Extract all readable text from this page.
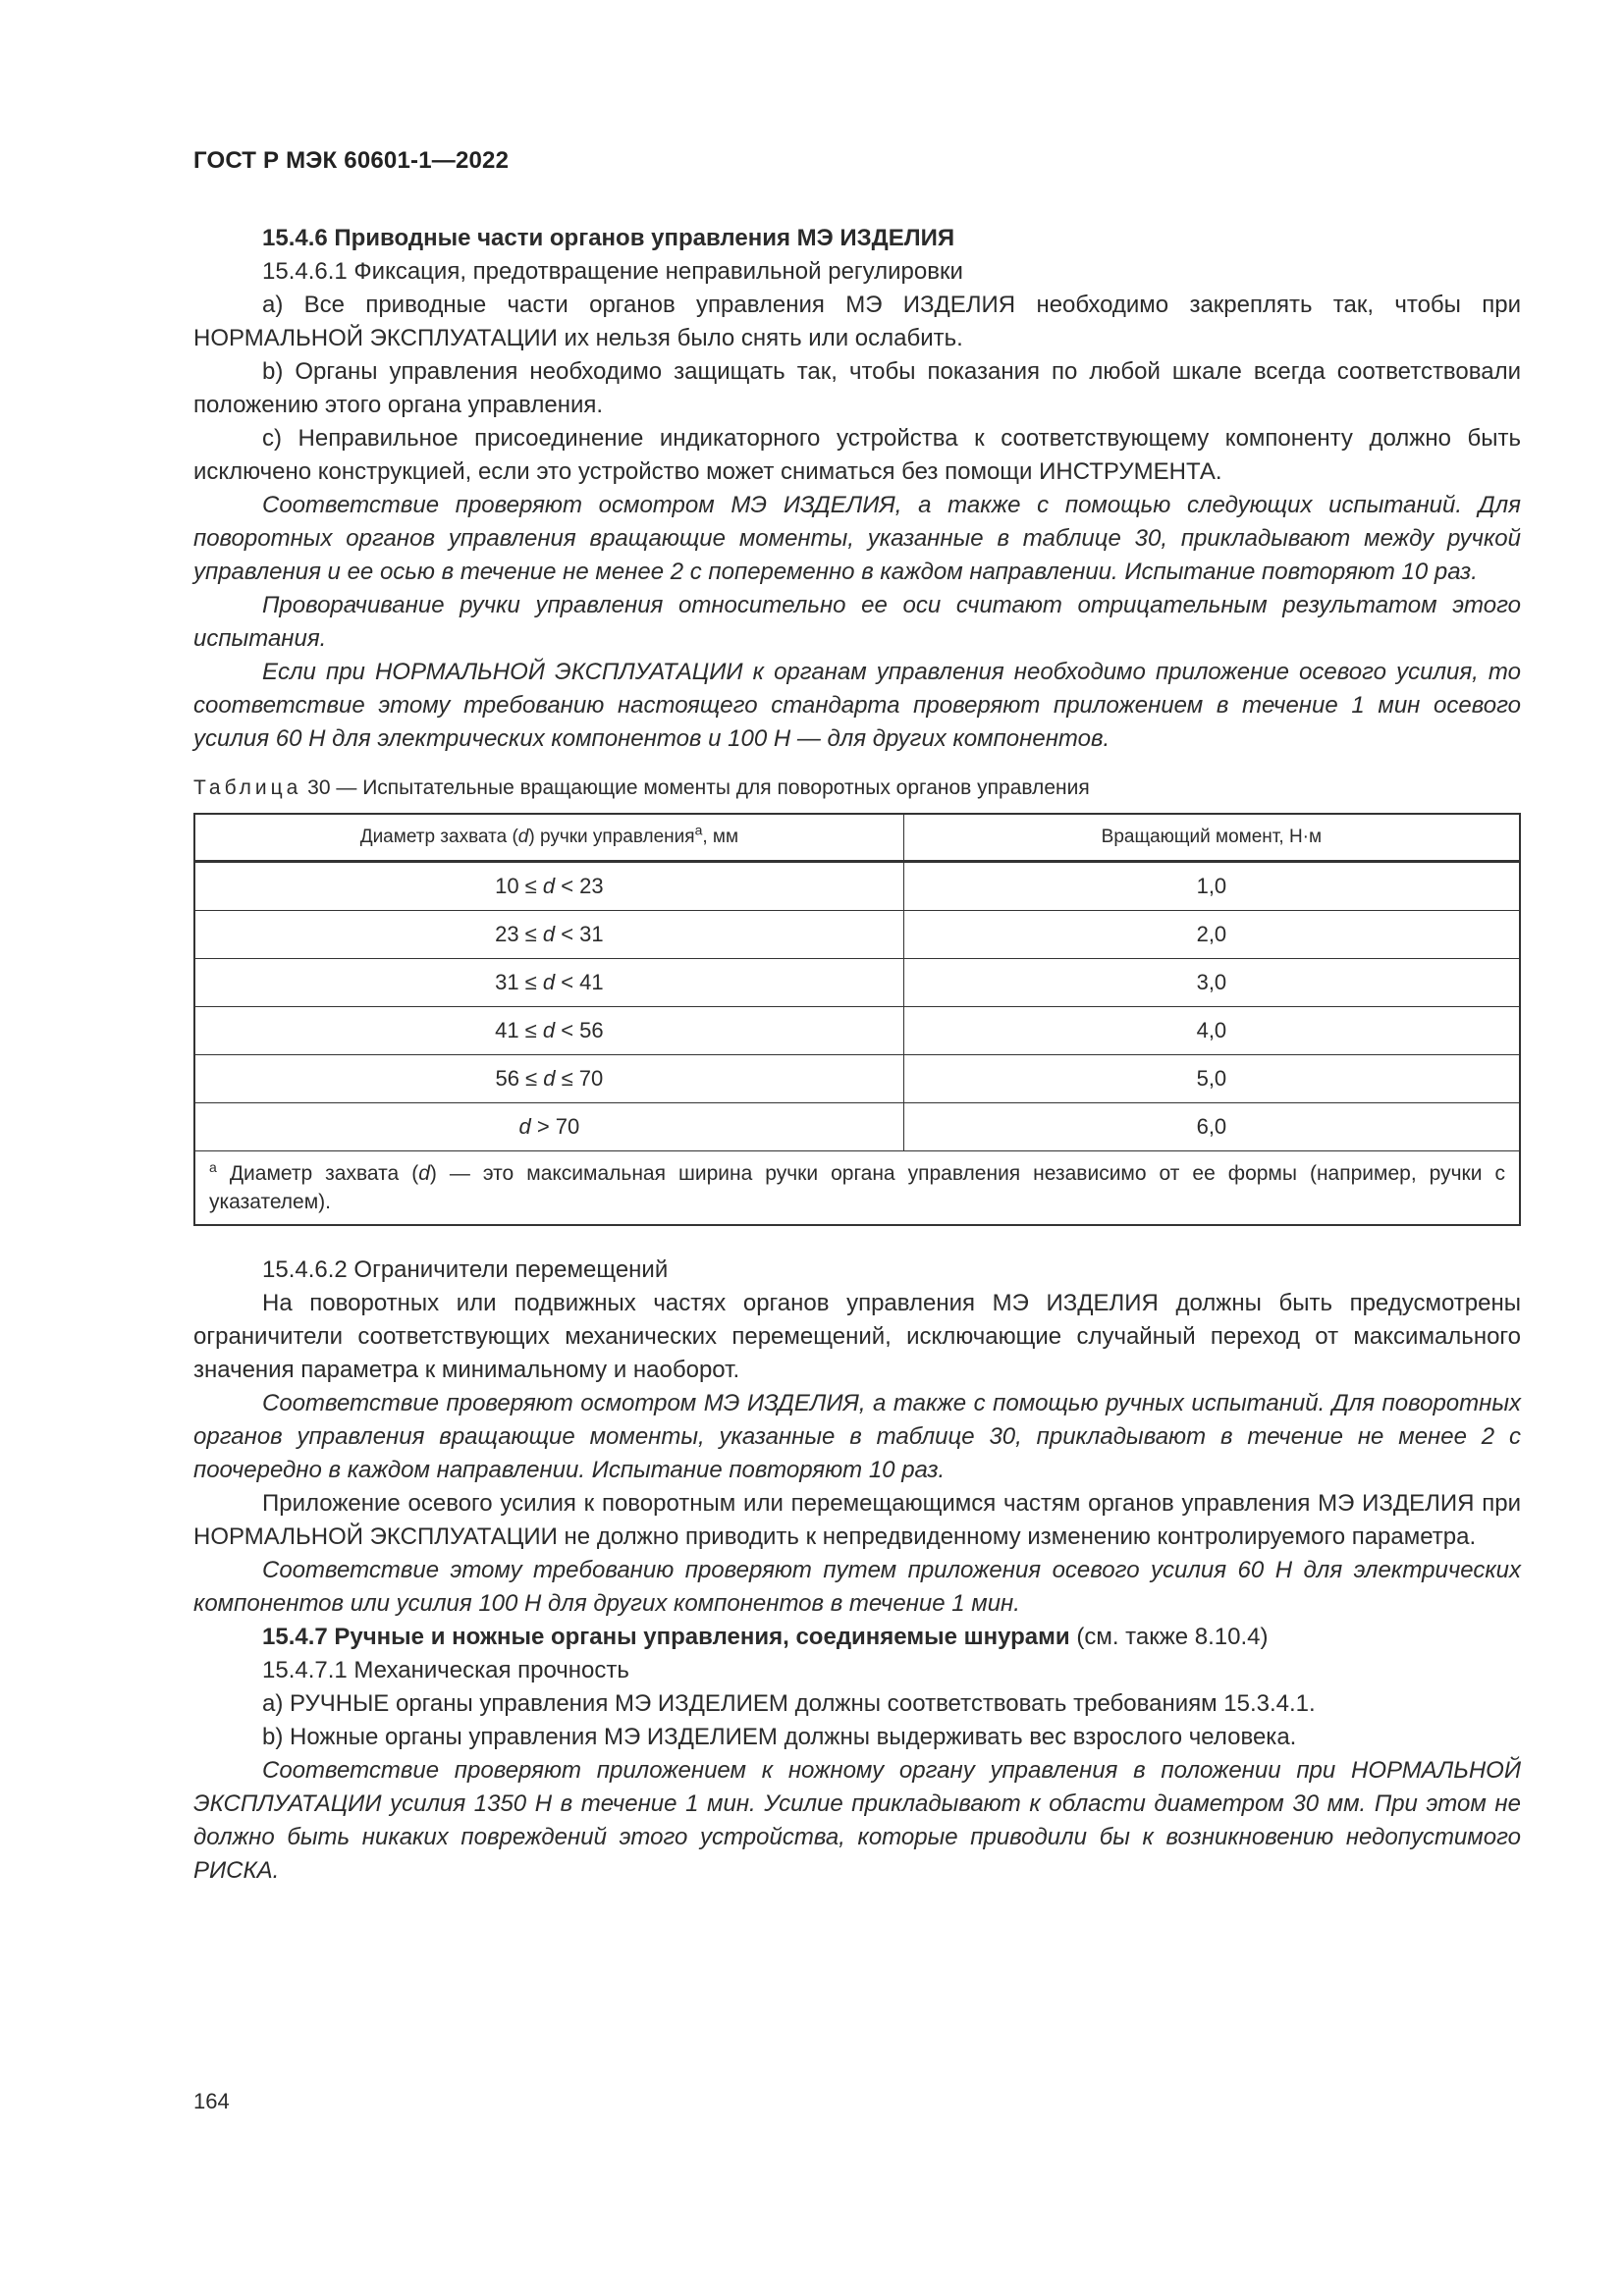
ГОСТ Р МЭК 60601-1—2022

15.4.6 Приводные части органов управления МЭ ИЗДЕЛИЯ

15.4.6.1 Фиксация, предотвращение неправильной регулировки

a) Все приводные части органов управления МЭ ИЗДЕЛИЯ необходимо закреплять так, чтобы при НОРМАЛЬНОЙ ЭКСПЛУАТАЦИИ их нельзя было снять или ослабить.

b) Органы управления необходимо защищать так, чтобы показания по любой шкале всегда соответствовали положению этого органа управления.

c) Неправильное присоединение индикаторного устройства к соответствующему компоненту должно быть исключено конструкцией, если это устройство может сниматься без помощи ИНСТРУМЕНТА.

Соответствие проверяют осмотром МЭ ИЗДЕЛИЯ, а также с помощью следующих испытаний. Для поворотных органов управления вращающие моменты, указанные в таблице 30, прикладывают между ручкой управления и ее осью в течение не менее 2 с попеременно в каждом направлении. Испытание повторяют 10 раз.

Проворачивание ручки управления относительно ее оси считают отрицательным результатом этого испытания.

Если при НОРМАЛЬНОЙ ЭКСПЛУАТАЦИИ к органам управления необходимо приложение осевого усилия, то соответствие этому требованию настоящего стандарта проверяют приложением в течение 1 мин осевого усилия 60 Н для электрических компонентов и 100 Н — для других компонентов.

Таблица 30 — Испытательные вращающие моменты для поворотных органов управления

Диаметр захвата (d) ручки управления$^a$, мм	Вращающий момент, Н·м
10 ≤ d < 23	1,0
23 ≤ d < 31	2,0
31 ≤ d < 41	3,0
41 ≤ d < 56	4,0
56 ≤ d ≤ 70	5,0
d > 70	6,0
$^a$ Диаметр захвата (d) — это максимальная ширина ручки органа управления независимо от ее формы (например, ручки с указателем).	

15.4.6.2 Ограничители перемещений

На поворотных или подвижных частях органов управления МЭ ИЗДЕЛИЯ должны быть предусмотрены ограничители соответствующих механических перемещений, исключающие случайный переход от максимального значения параметра к минимальному и наоборот.

Соответствие проверяют осмотром МЭ ИЗДЕЛИЯ, а также с помощью ручных испытаний. Для поворотных органов управления вращающие моменты, указанные в таблице 30, прикладывают в течение не менее 2 с поочередно в каждом направлении. Испытание повторяют 10 раз.

Приложение осевого усилия к поворотным или перемещающимся частям органов управления МЭ ИЗДЕЛИЯ при НОРМАЛЬНОЙ ЭКСПЛУАТАЦИИ не должно приводить к непредвиденному изменению контролируемого параметра.

Соответствие этому требованию проверяют путем приложения осевого усилия 60 Н для электрических компонентов или усилия 100 Н для других компонентов в течение 1 мин.

15.4.7 Ручные и ножные органы управления, соединяемые шнурами (см. также 8.10.4)

15.4.7.1 Механическая прочность

a) РУЧНЫЕ органы управления МЭ ИЗДЕЛИЕМ должны соответствовать требованиям 15.3.4.1.

b) Ножные органы управления МЭ ИЗДЕЛИЕМ должны выдерживать вес взрослого человека.

Соответствие проверяют приложением к ножному органу управления в положении при НОРМАЛЬНОЙ ЭКСПЛУАТАЦИИ усилия 1350 Н в течение 1 мин. Усилие прикладывают к области диаметром 30 мм. При этом не должно быть никаких повреждений этого устройства, которые приводили бы к возникновению недопустимого РИСКА.

164
